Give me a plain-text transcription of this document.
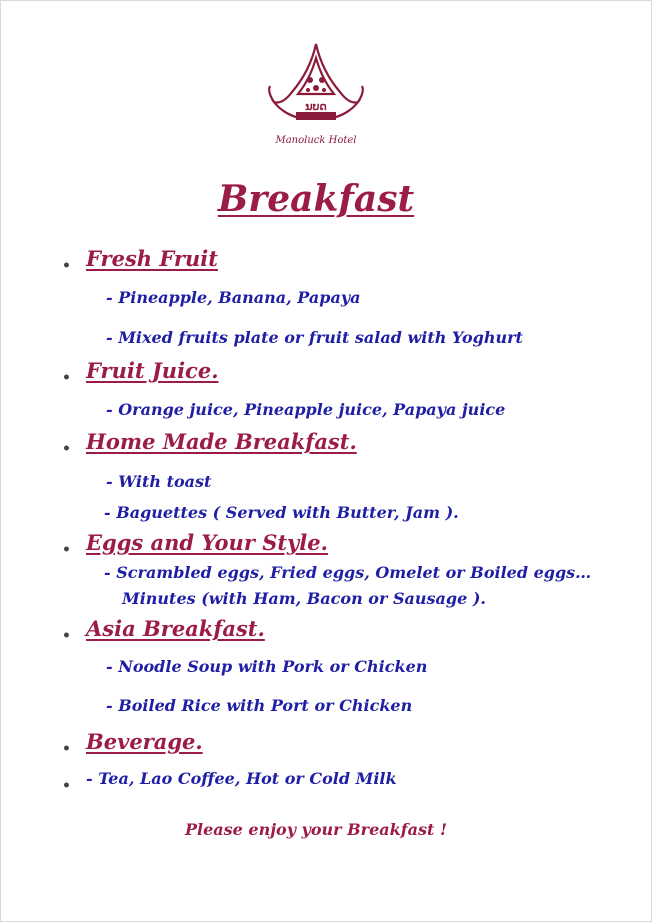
ນບດ
Manoluck Hotel
Breakfast
• Fresh Fruit
- Pineapple, Banana, Papaya
- Mixed fruits plate or fruit salad with Yoghurt
• Fruit Juice.
- Orange juice, Pineapple juice, Papaya juice
• Home Made Breakfast.
- With toast
- Baguettes ( Served with Butter, Jam ).
• Eggs and Your Style.
- Scrambled eggs, Fried eggs, Omelet or Boiled eggs…
Minutes (with Ham, Bacon or Sausage ).
• Asia Breakfast.
- Noodle Soup with Pork or Chicken
- Boiled Rice with Port or Chicken
• Beverage.
• - Tea, Lao Coffee, Hot or Cold Milk
Please enjoy your Breakfast !
